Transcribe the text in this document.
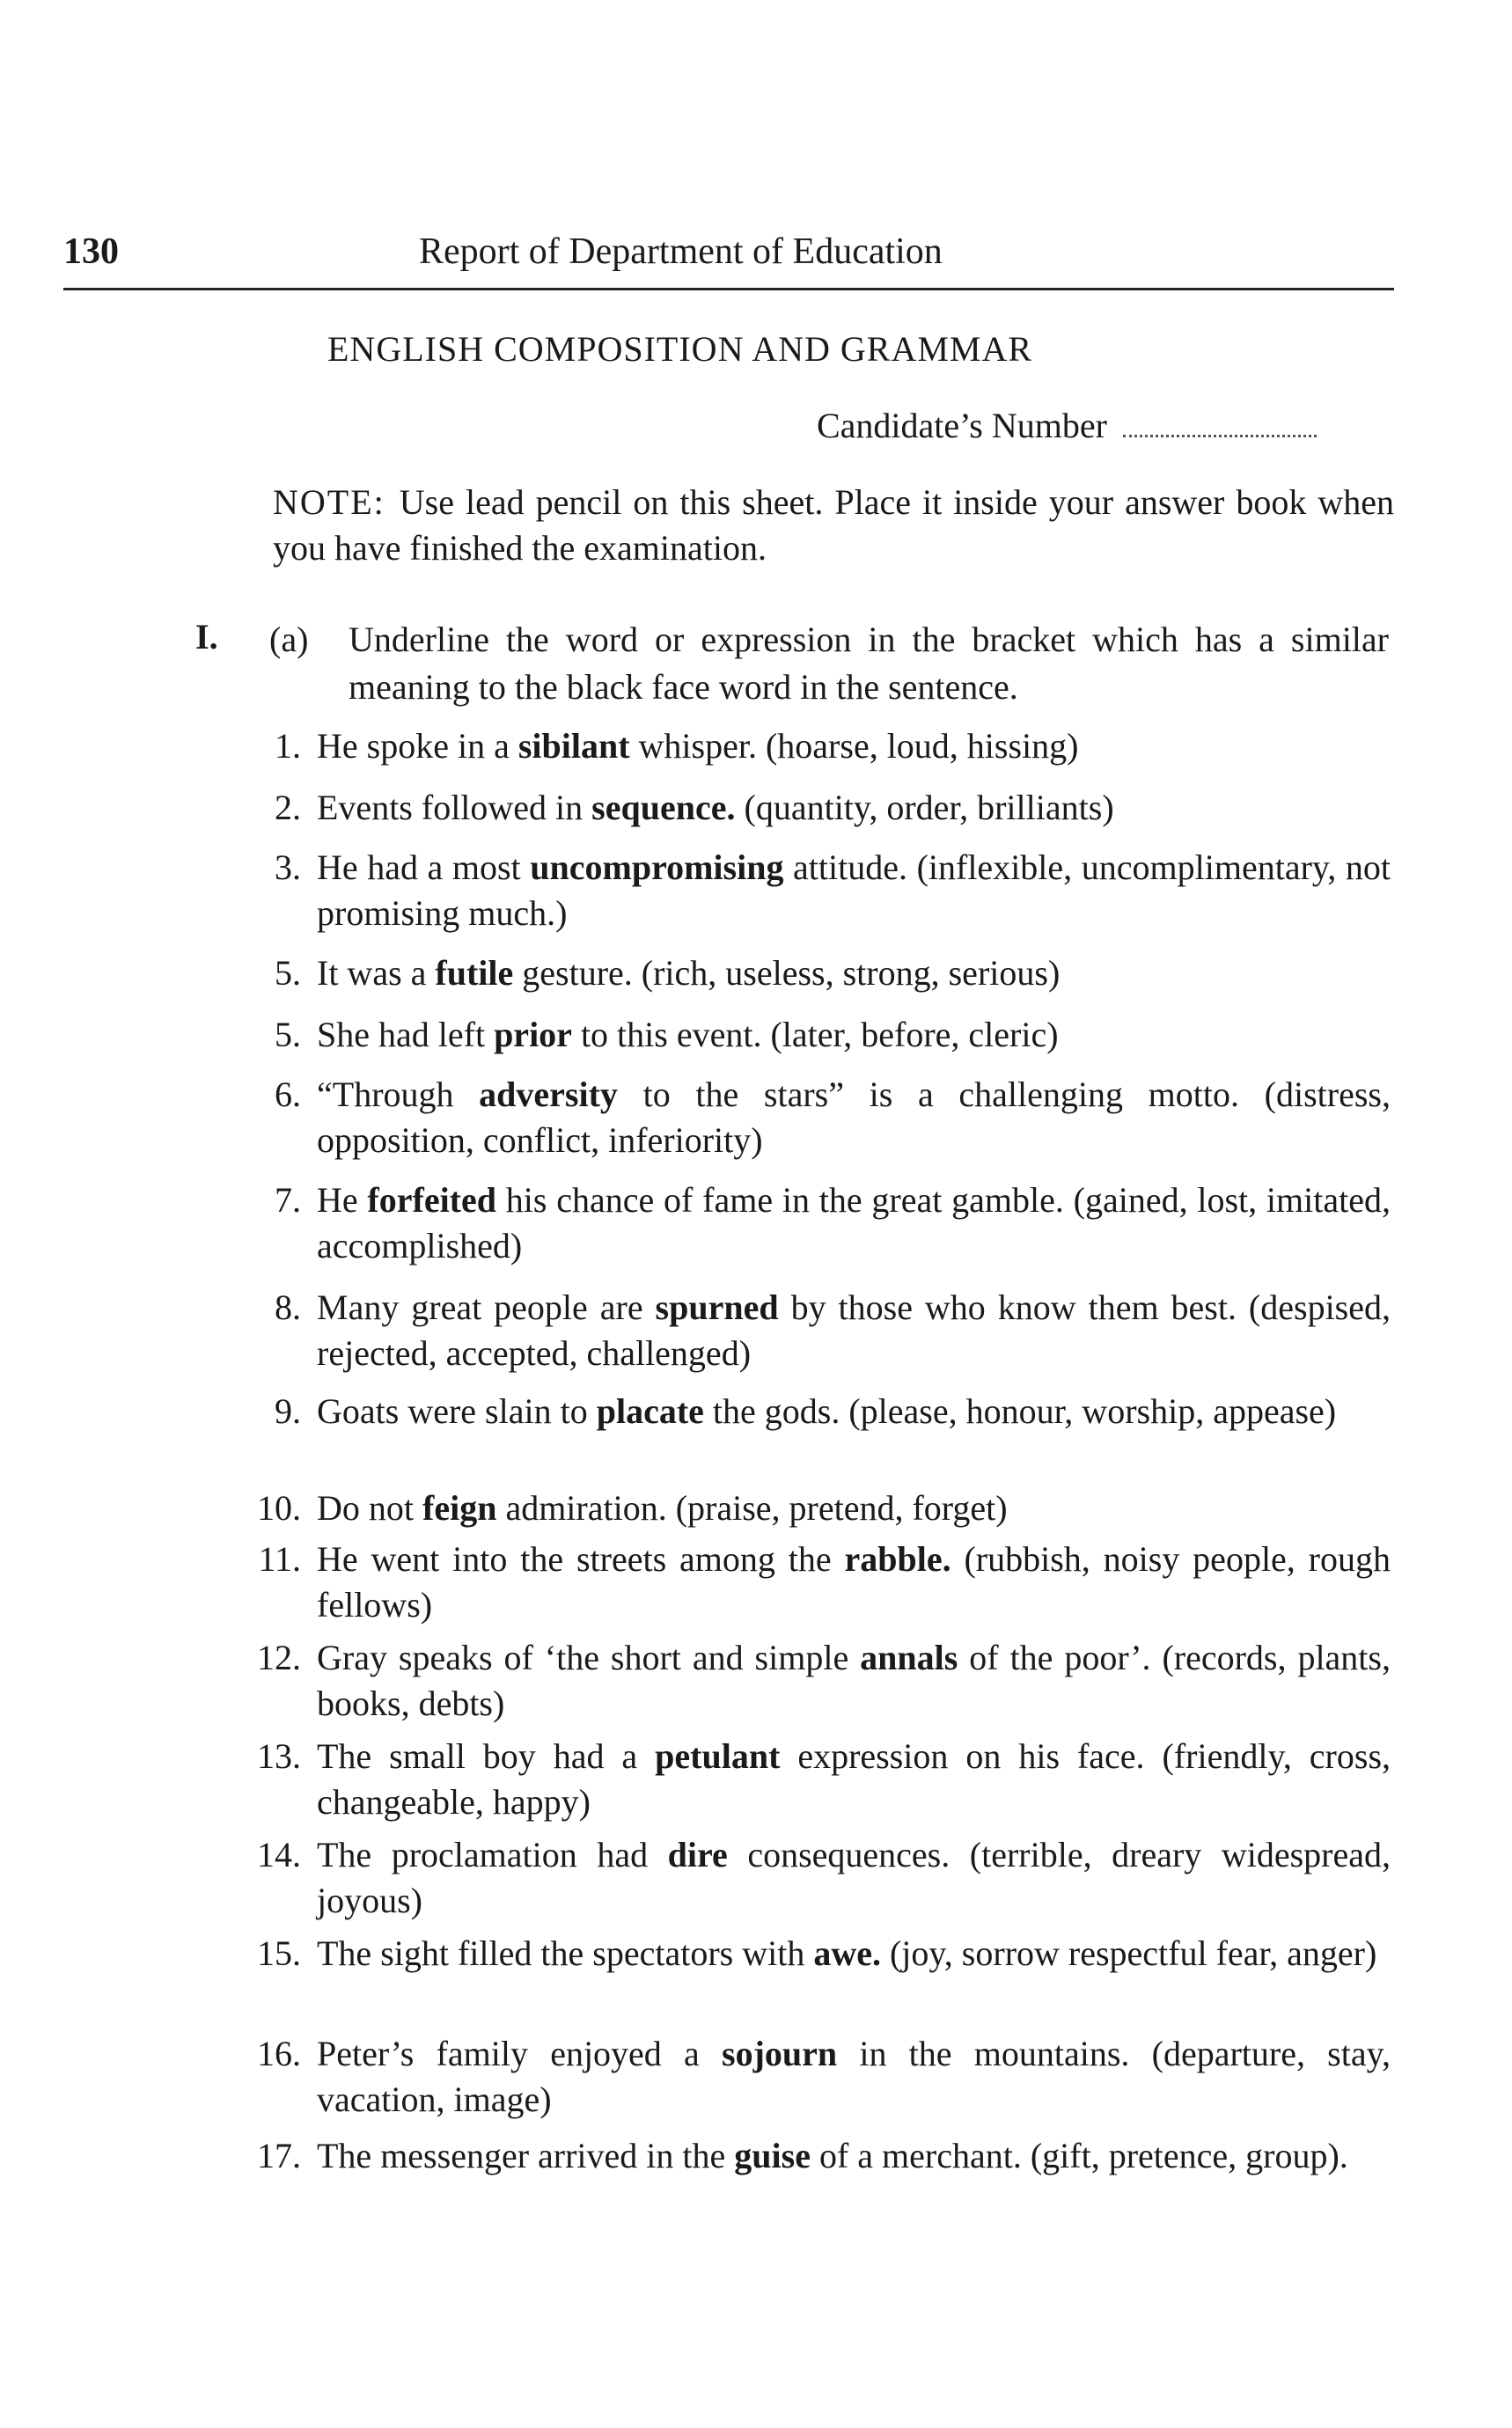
130	Report of Department of Education
ENGLISH COMPOSITION AND GRAMMAR
Candidate’s Number
NOTE: Use lead pencil on this sheet. Place it inside your answer book when you have finished the examination.
I. (a) Underline the word or expression in the bracket which has a similar meaning to the black face word in the sentence.
1. He spoke in a sibilant whisper. (hoarse, loud, hissing)
2. Events followed in sequence. (quantity, order, brilliants)
3. He had a most uncompromising attitude. (inflexible, uncomplimentary, not promising much.)
5. It was a futile gesture. (rich, useless, strong, serious)
5. She had left prior to this event. (later, before, cleric)
6. “Through adversity to the stars” is a challenging motto. (distress, opposition, conflict, inferiority)
7. He forfeited his chance of fame in the great gamble. (gained, lost, imitated, accomplished)
8. Many great people are spurned by those who know them best. (despised, rejected, accepted, challenged)
9. Goats were slain to placate the gods. (please, honour, worship, appease)
10. Do not feign admiration. (praise, pretend, forget)
11. He went into the streets among the rabble. (rubbish, noisy people, rough fellows)
12. Gray speaks of ‘the short and simple annals of the poor’. (records, plants, books, debts)
13. The small boy had a petulant expression on his face. (friendly, cross, changeable, happy)
14. The proclamation had dire consequences. (terrible, dreary widespread, joyous)
15. The sight filled the spectators with awe. (joy, sorrow respectful fear, anger)
16. Peter’s family enjoyed a sojourn in the mountains. (departure, stay, vacation, image)
17. The messenger arrived in the guise of a merchant. (gift, pretence, group).
